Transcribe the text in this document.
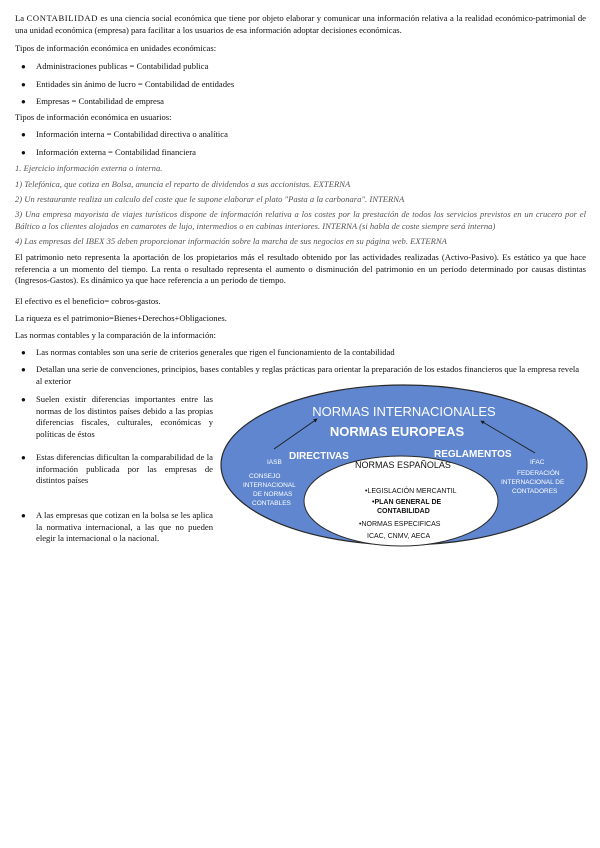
La CONTABILIDAD es una ciencia social económica que tiene por objeto elaborar y comunicar una información relativa a la realidad económico-patrimonial de una unidad económica (empresa) para facilitar a los usuarios de esa información adoptar decisiones económicas.

Tipos de información económica en unidades económicas:

● Administraciones publicas = Contabilidad publica

● Entidades sin ánimo de lucro = Contabilidad de entidades

● Empresas = Contabilidad de empresa

Tipos de información económica en usuarios:

● Información interna = Contabilidad directiva o analítica

● Información externa = Contabilidad financiera

1. Ejercicio información externa o interna.

1) Telefónica, que cotiza en Bolsa, anuncia el reparto de dividendos a sus accionistas. EXTERNA

2) Un restaurante realiza un calculo del coste que le supone elaborar el plato "Pasta a la carbonara". INTERNA

3) Una empresa mayorista de viajes turísticos dispone de información relativa a los costes por la prestación de todos los servicios previstos en un crucero por el Báltico a los clientes alojados en camarotes de lujo, intermedios o en cabinas interiores. INTERNA (si habla de coste siempre será interna)

4) Las empresas del IBEX 35 deben proporcionar información sobre la marcha de sus negocios en su página web. EXTERNA

El patrimonio neto representa la aportación de los propietarios más el resultado obtenido por las actividades realizadas (Activo-Pasivo). Es estático ya que hace referencia a un momento del tiempo. La renta o resultado representa el aumento o disminución del patrimonio en un periodo determinado por causas distintas (Ingresos-Gastos). Es dinámico ya que hace referencia a un periodo de tiempo.

El efectivo es el beneficio= cobros-gastos.

La riqueza es el patrimonio=Bienes+Derechos+Obligaciones.

Las normas contables y la comparación de la información:

● Las normas contables son una serie de criterios generales que rigen el funcionamiento de la contabilidad

● Detallan una serie de convenciones, principios, bases contables y reglas prácticas para orientar la preparación de los estados financieros que la empresa revela al exterior

● Suelen existir diferencias importantes entre las normas de los distintos países debido a las propias diferencias fiscales, culturales, económicas y políticas de éstos

● Estas diferencias dificultan la comparabilidad de la información publicada por las empresas de distintos países

● A las empresas que cotizan en la bolsa se les aplica la normativa internacional, a las que no pueden elegir la internacional o la nacional.

NORMAS INTERNACIONALES
NORMAS EUROPEAS
DIRECTIVAS	REGLAMENTOS
IASB
CONSEJO
INTERNACIONAL
DE NORMAS
CONTABLES
IFAC
FEDERACIÓN
INTERNACIONAL DE
CONTADORES
NORMAS ESPAÑOLAS
•LEGISLACIÓN MERCANTIL
•PLAN GENERAL DE
CONTABILIDAD
•NORMAS ESPECIFICAS
ICAC, CNMV, AECA
